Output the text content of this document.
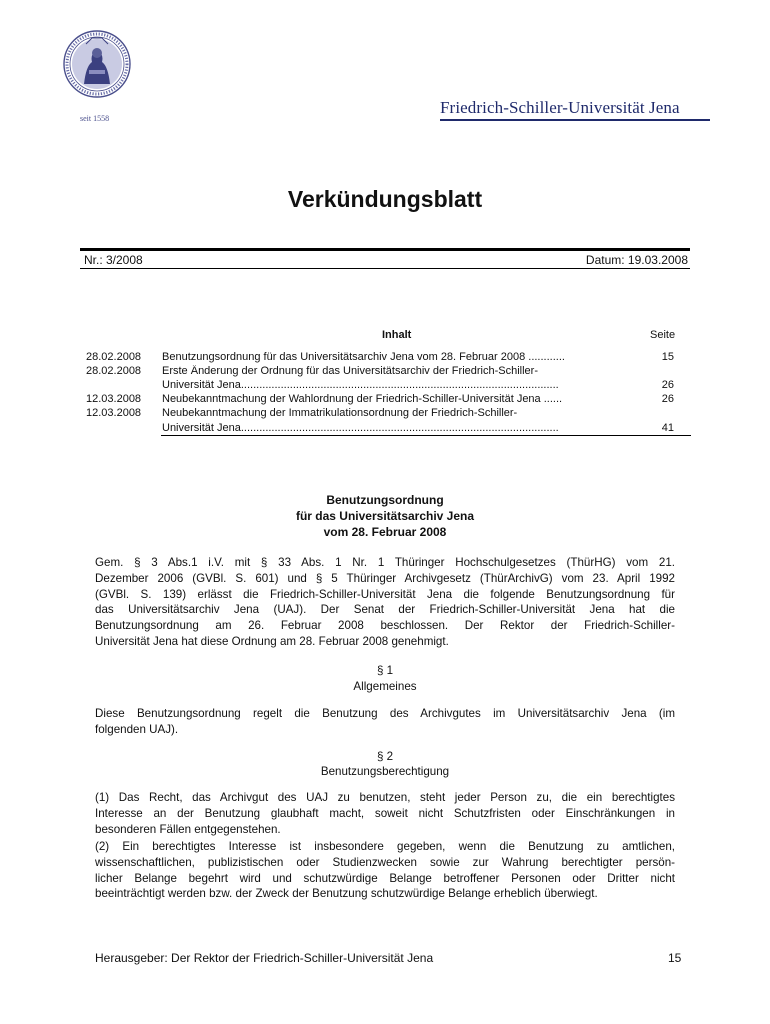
seit 1558
Friedrich-Schiller-Universität Jena
Verkündungsblatt
Nr.: 3/2008	Datum: 19.03.2008
Inhalt	Seite
28.02.2008 Benutzungsordnung für das Universitätsarchiv Jena vom 28. Februar 2008 ............	15
28.02.2008 Erste Änderung der Ordnung für das Universitätsarchiv der Friedrich-Schiller-
Universität Jena........................................................................................................	26
12.03.2008 Neubekanntmachung der Wahlordnung der Friedrich-Schiller-Universität Jena ......	26
12.03.2008 Neubekanntmachung der Immatrikulationsordnung der Friedrich-Schiller-
Universität Jena........................................................................................................	41
Benutzungsordnung
für das Universitätsarchiv Jena
vom 28. Februar 2008
Gem. § 3 Abs.1 i.V. mit § 33 Abs. 1 Nr. 1 Thüringer Hochschulgesetzes (ThürHG) vom 21.
Dezember 2006 (GVBl. S. 601) und § 5 Thüringer Archivgesetz (ThürArchivG) vom 23. April 1992
(GVBl. S. 139) erlässt die Friedrich-Schiller-Universität Jena die folgende Benutzungsordnung für
das Universitätsarchiv Jena (UAJ). Der Senat der Friedrich-Schiller-Universität Jena hat die
Benutzungsordnung am 26. Februar 2008 beschlossen. Der Rektor der Friedrich-Schiller-
Universität Jena hat diese Ordnung am 28. Februar 2008 genehmigt.
§ 1
Allgemeines
Diese Benutzungsordnung regelt die Benutzung des Archivgutes im Universitätsarchiv Jena (im
folgenden UAJ).
§ 2
Benutzungsberechtigung
(1) Das Recht, das Archivgut des UAJ zu benutzen, steht jeder Person zu, die ein berechtigtes
Interesse an der Benutzung glaubhaft macht, soweit nicht Schutzfristen oder Einschränkungen in
besonderen Fällen entgegenstehen.
(2) Ein berechtigtes Interesse ist insbesondere gegeben, wenn die Benutzung zu amtlichen,
wissenschaftlichen, publizistischen oder Studienzwecken sowie zur Wahrung berechtigter persön-
licher Belange begehrt wird und schutzwürdige Belange betroffener Personen oder Dritter nicht
beeinträchtigt werden bzw. der Zweck der Benutzung schutzwürdige Belange erheblich überwiegt.
Herausgeber: Der Rektor der Friedrich-Schiller-Universität Jena	15
